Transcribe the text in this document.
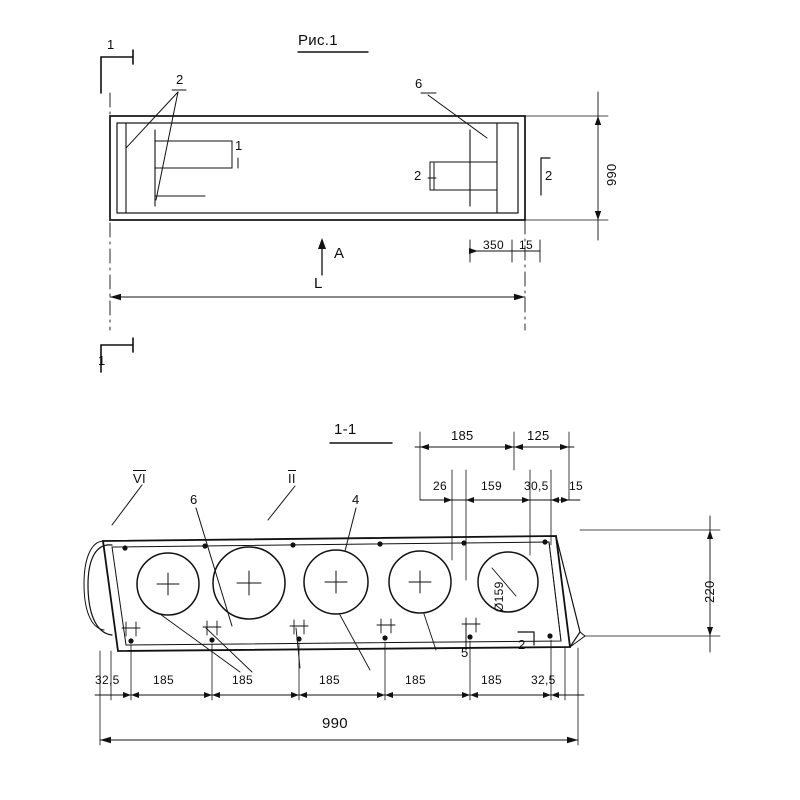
Рис.1
1
1
2
1
6
2	2
A
990
L
350 15
1-1	185	125
26	159 30,5 15
VI
6
II
4
5
2
Ø159	220
32,5	185	185	185	185	185 32,5
990
